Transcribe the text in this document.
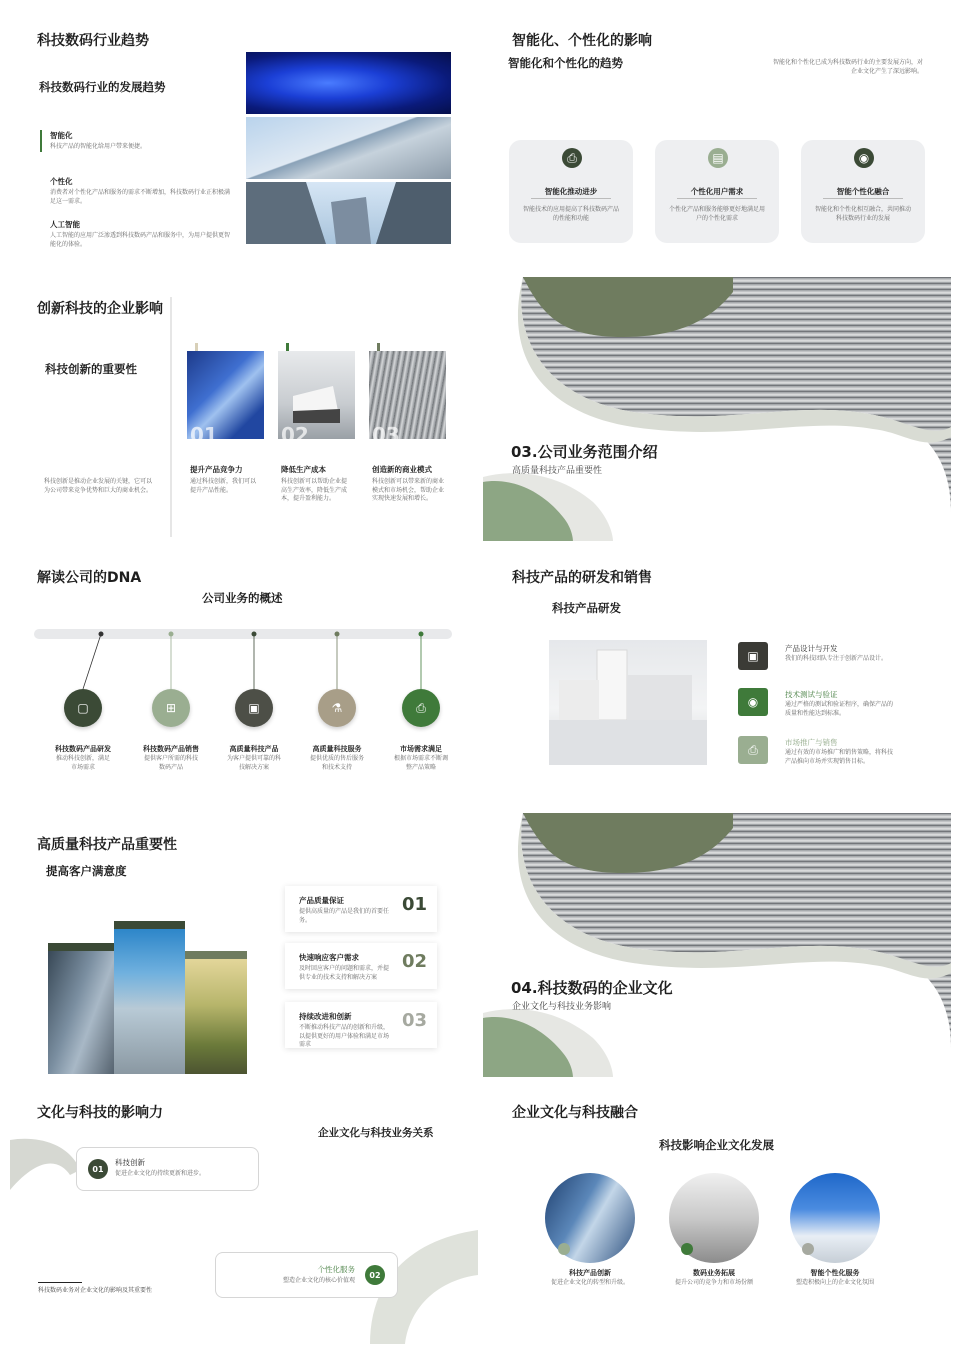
科技数码行业趋势
科技数码行业的发展趋势
智能化
科技产品的智能化给用户带来便捷。
个性化
消费者对个性化产品和服务的需求不断增加，科技数码行业正积极满足这一需求。
人工智能
人工智能的应用广泛渗透到科技数码产品和服务中，为用户提供更智能化的体验。
智能化、个性化的影响
智能化和个性化的趋势	智能化和个性化已成为科技数码行业的主要发展方向，对企业文化产生了深远影响。
⎙
智能化推动进步
智能技术的应用提高了科技数码产品的性能和功能
▤
个性化用户需求
个性化产品和服务能够更好地满足用户的个性化需求
◉
智能个性化融合
智能化和个性化相互融合，共同推动科技数码行业的发展
创新科技的企业影响
科技创新的重要性
科技创新是推动企业发展的关键，它可以为公司带来竞争优势和巨大的商业机会。
01
提升产品竞争力
通过科技创新，我们可以提升产品性能。
02
降低生产成本
科技创新可以帮助企业提高生产效率，降低生产成本，提升盈利能力。
03
创造新的商业模式
科技创新可以带来新的商业模式和市场机会，帮助企业实现快速发展和增长。
03.公司业务范围介绍
高质量科技产品重要性
解读公司的DNA
公司业务的概述
▢	⊞	▣	⚗	⎙
科技数码产品研发
推动科技创新，满足市场需求
科技数码产品销售
提供客户所需的科技数码产品
高质量科技产品
为客户提供可靠的科技解决方案
高质量科技服务
提供优质的售后服务和技术支持
市场需求满足
根据市场需求不断调整产品策略
科技产品的研发和销售
科技产品研发
▣
产品设计与开发
我们的科技团队专注于创新产品设计。
◉
技术测试与验证
通过严格的测试和验证程序，确保产品的质量和性能达到标准。
⎙	市场推广与销售
通过有效的市场推广和销售策略，将科技产品推向市场并实现销售目标。
高质量科技产品重要性
提高客户满意度
产品质量保证
提供高质量的产品是我们的首要任务。
01
快速响应客户需求
及时回应客户的问题和需求，并提供专业的技术支持和解决方案
02
持续改进和创新
不断推动科技产品的创新和升级，以提供更好的用户体验和满足市场需求
03
04.科技数码的企业文化
企业文化与科技业务影响
文化与科技的影响力
企业文化与科技业务关系
01
科技创新
促进企业文化的持续更新和进步。
个性化服务
塑造企业文化的核心价值观
02
科技数码业务对企业文化的影响及其重要性
企业文化与科技融合
科技影响企业文化发展
科技产品创新
促进企业文化的转型和升级。
数码业务拓展
提升公司的竞争力和市场份额
智能个性化服务
塑造积极向上的企业文化氛围
